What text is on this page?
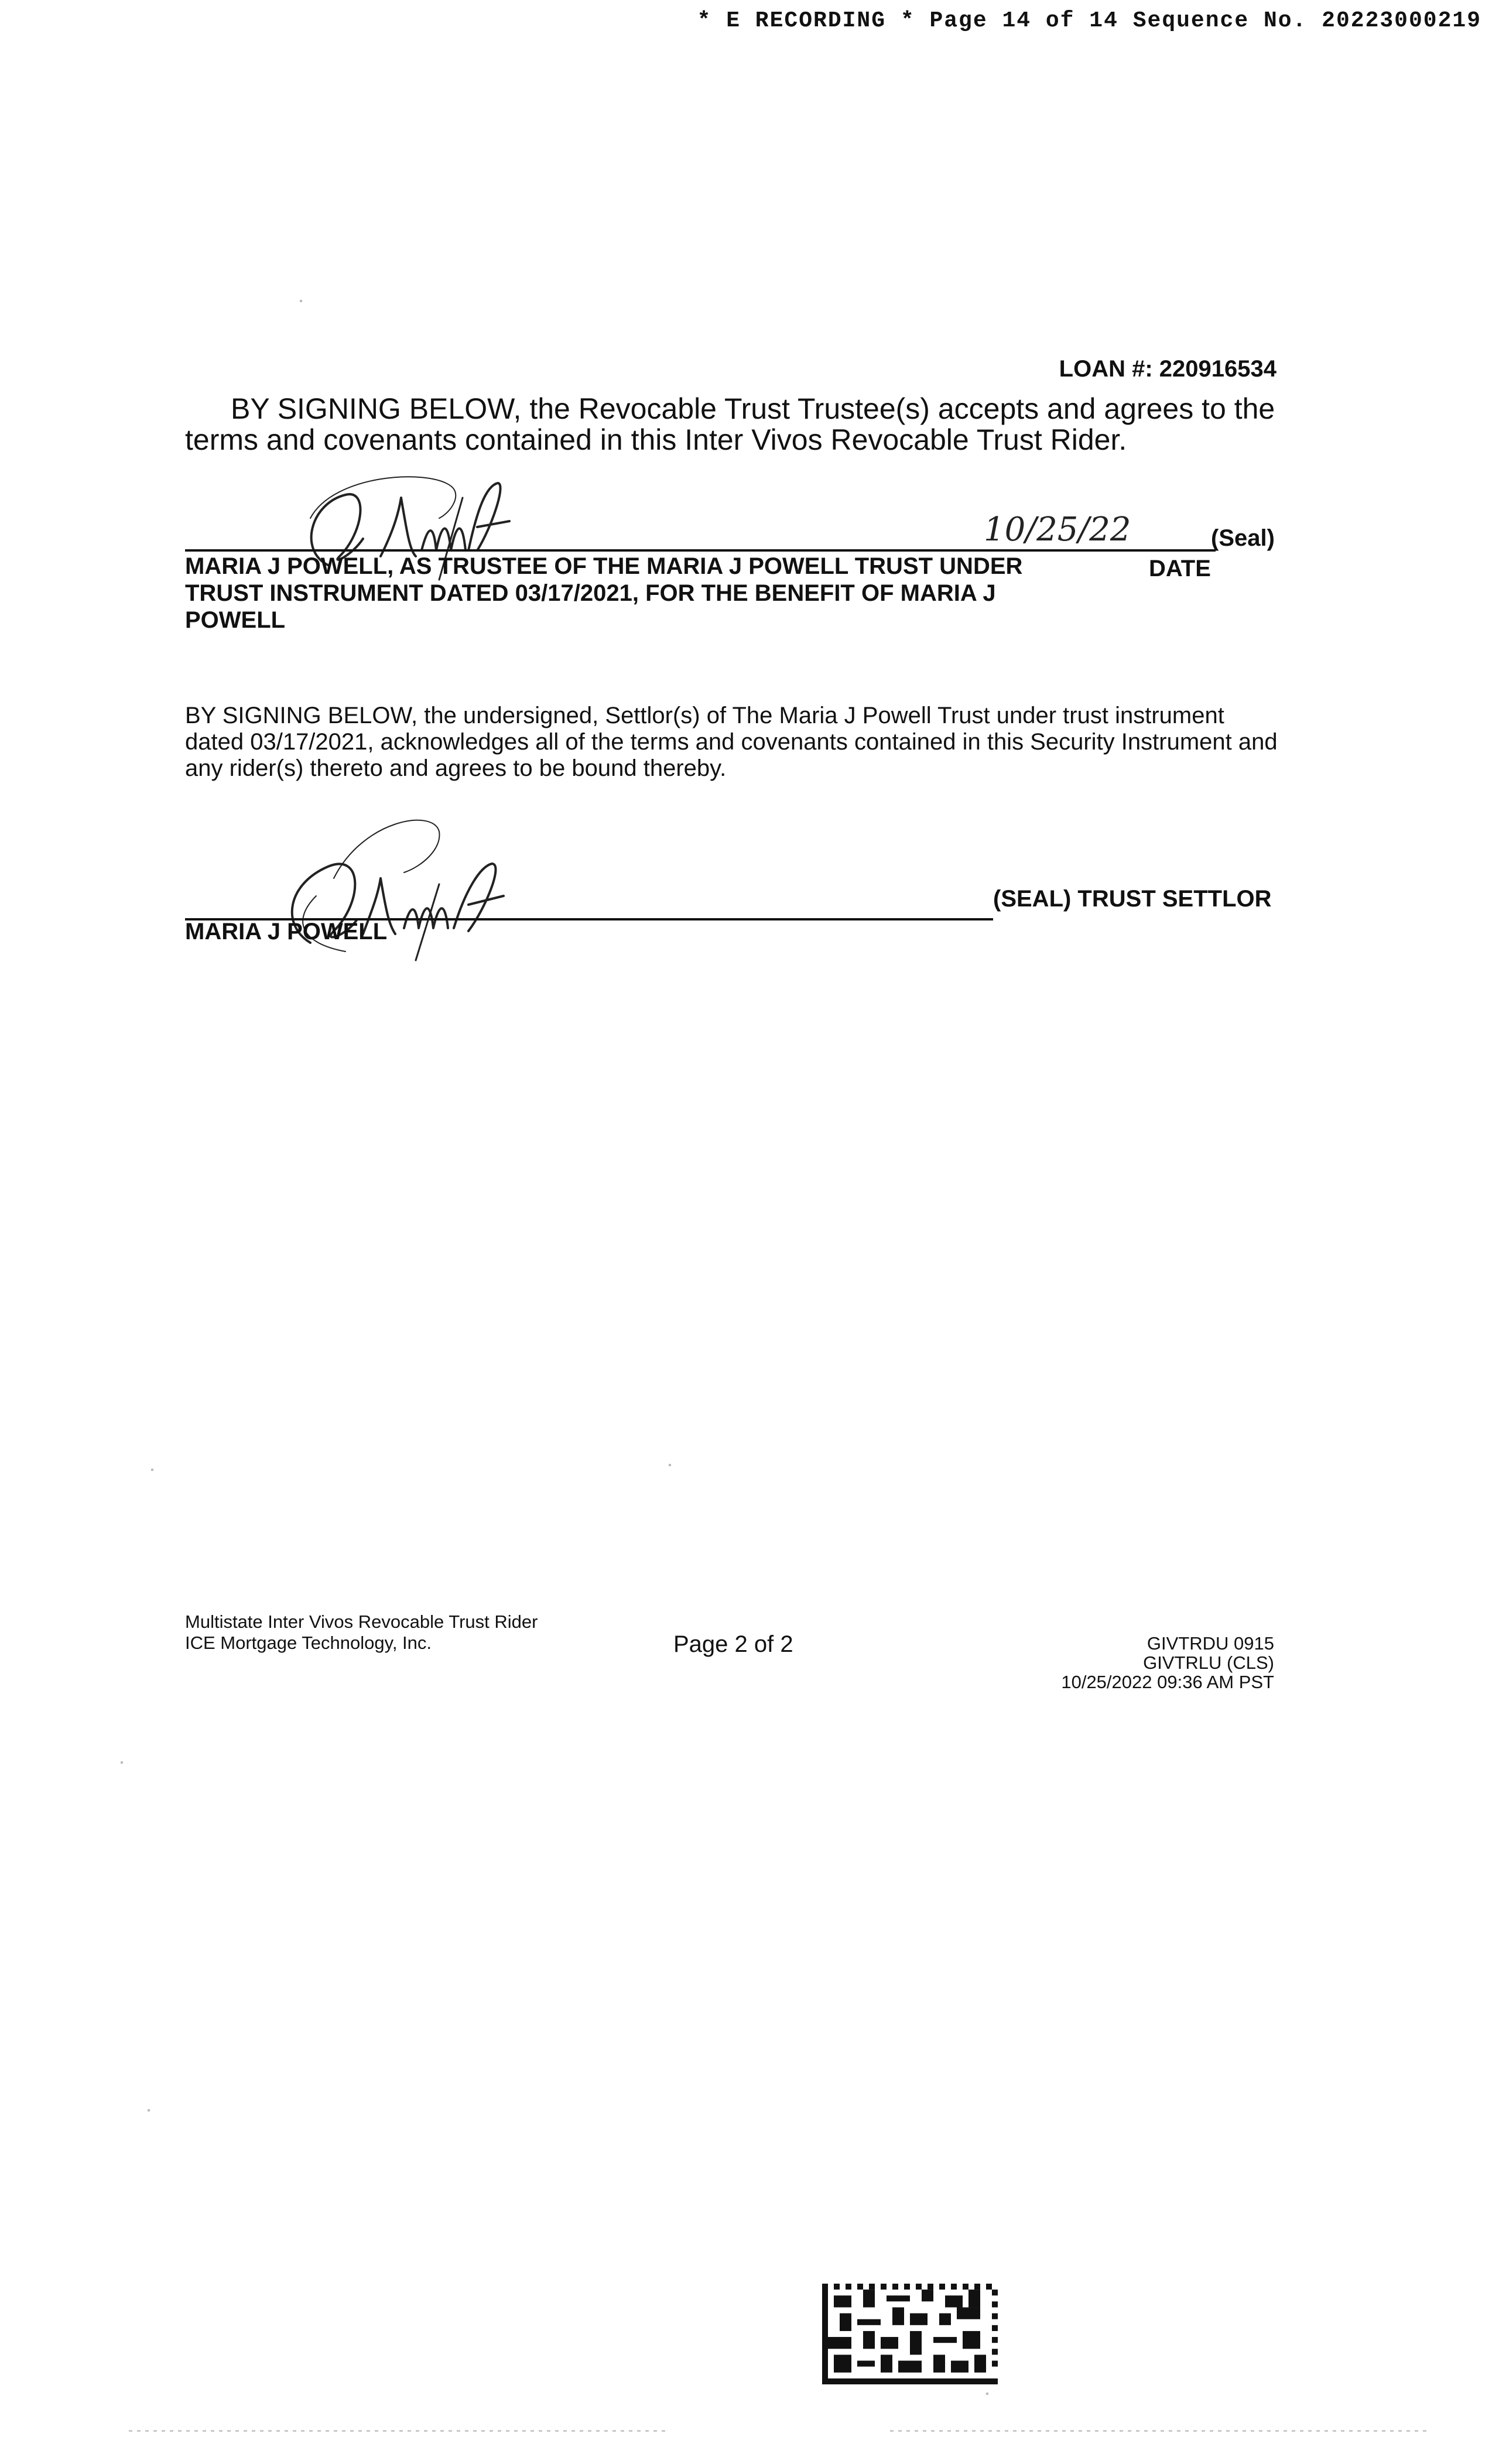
* E RECORDING * Page 14 of 14 Sequence No. 20223000219
LOAN #: 220916534
BY SIGNING BELOW, the Revocable Trust Trustee(s) accepts and agrees to the terms and covenants contained in this Inter Vivos Revocable Trust Rider.
10/25/22	(Seal)
MARIA J POWELL, AS TRUSTEE OF THE MARIA J POWELL TRUST UNDER TRUST INSTRUMENT DATED 03/17/2021, FOR THE BENEFIT OF MARIA J POWELL
DATE
BY SIGNING BELOW, the undersigned, Settlor(s) of The Maria J Powell Trust under trust instrument dated 03/17/2021, acknowledges all of the terms and covenants contained in this Security Instrument and any rider(s) thereto and agrees to be bound thereby.
(SEAL) TRUST SETTLOR
MARIA J POWELL
Multistate Inter Vivos Revocable Trust Rider
ICE Mortgage Technology, Inc.	Page 2 of 2	GIVTRDU 0915
GIVTRLU (CLS)
10/25/2022 09:36 AM PST
